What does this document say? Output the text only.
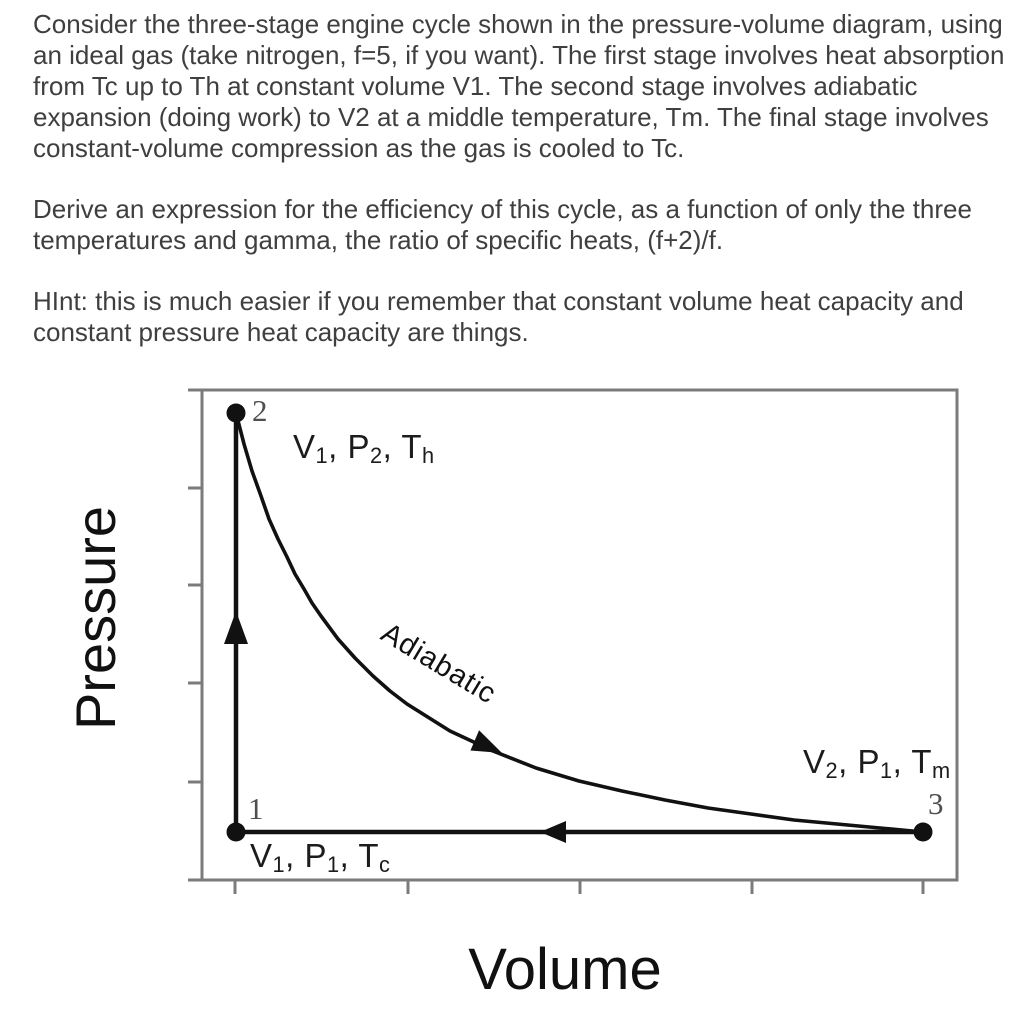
Consider the three-stage engine cycle shown in the pressure-volume diagram, using an ideal gas (take nitrogen, f=5, if you want). The first stage involves heat absorption from Tc up to Th at constant volume V1. The second stage involves adiabatic expansion (doing work) to V2 at a middle temperature, Tm. The final stage involves constant-volume compression as the gas is cooled to Tc.

Derive an expression for the efficiency of this cycle, as a function of only the three temperatures and gamma, the ratio of specific heats, (f+2)/f.

HInt: this is much easier if you remember that constant volume heat capacity and constant pressure heat capacity are things.

Pressure
Volume
Adiabatic
2
1	3
$V_1$, $P_2$, $T_h$
$V_2$, $P_1$, $T_m$
$V_1$, $P_1$, $T_c$
